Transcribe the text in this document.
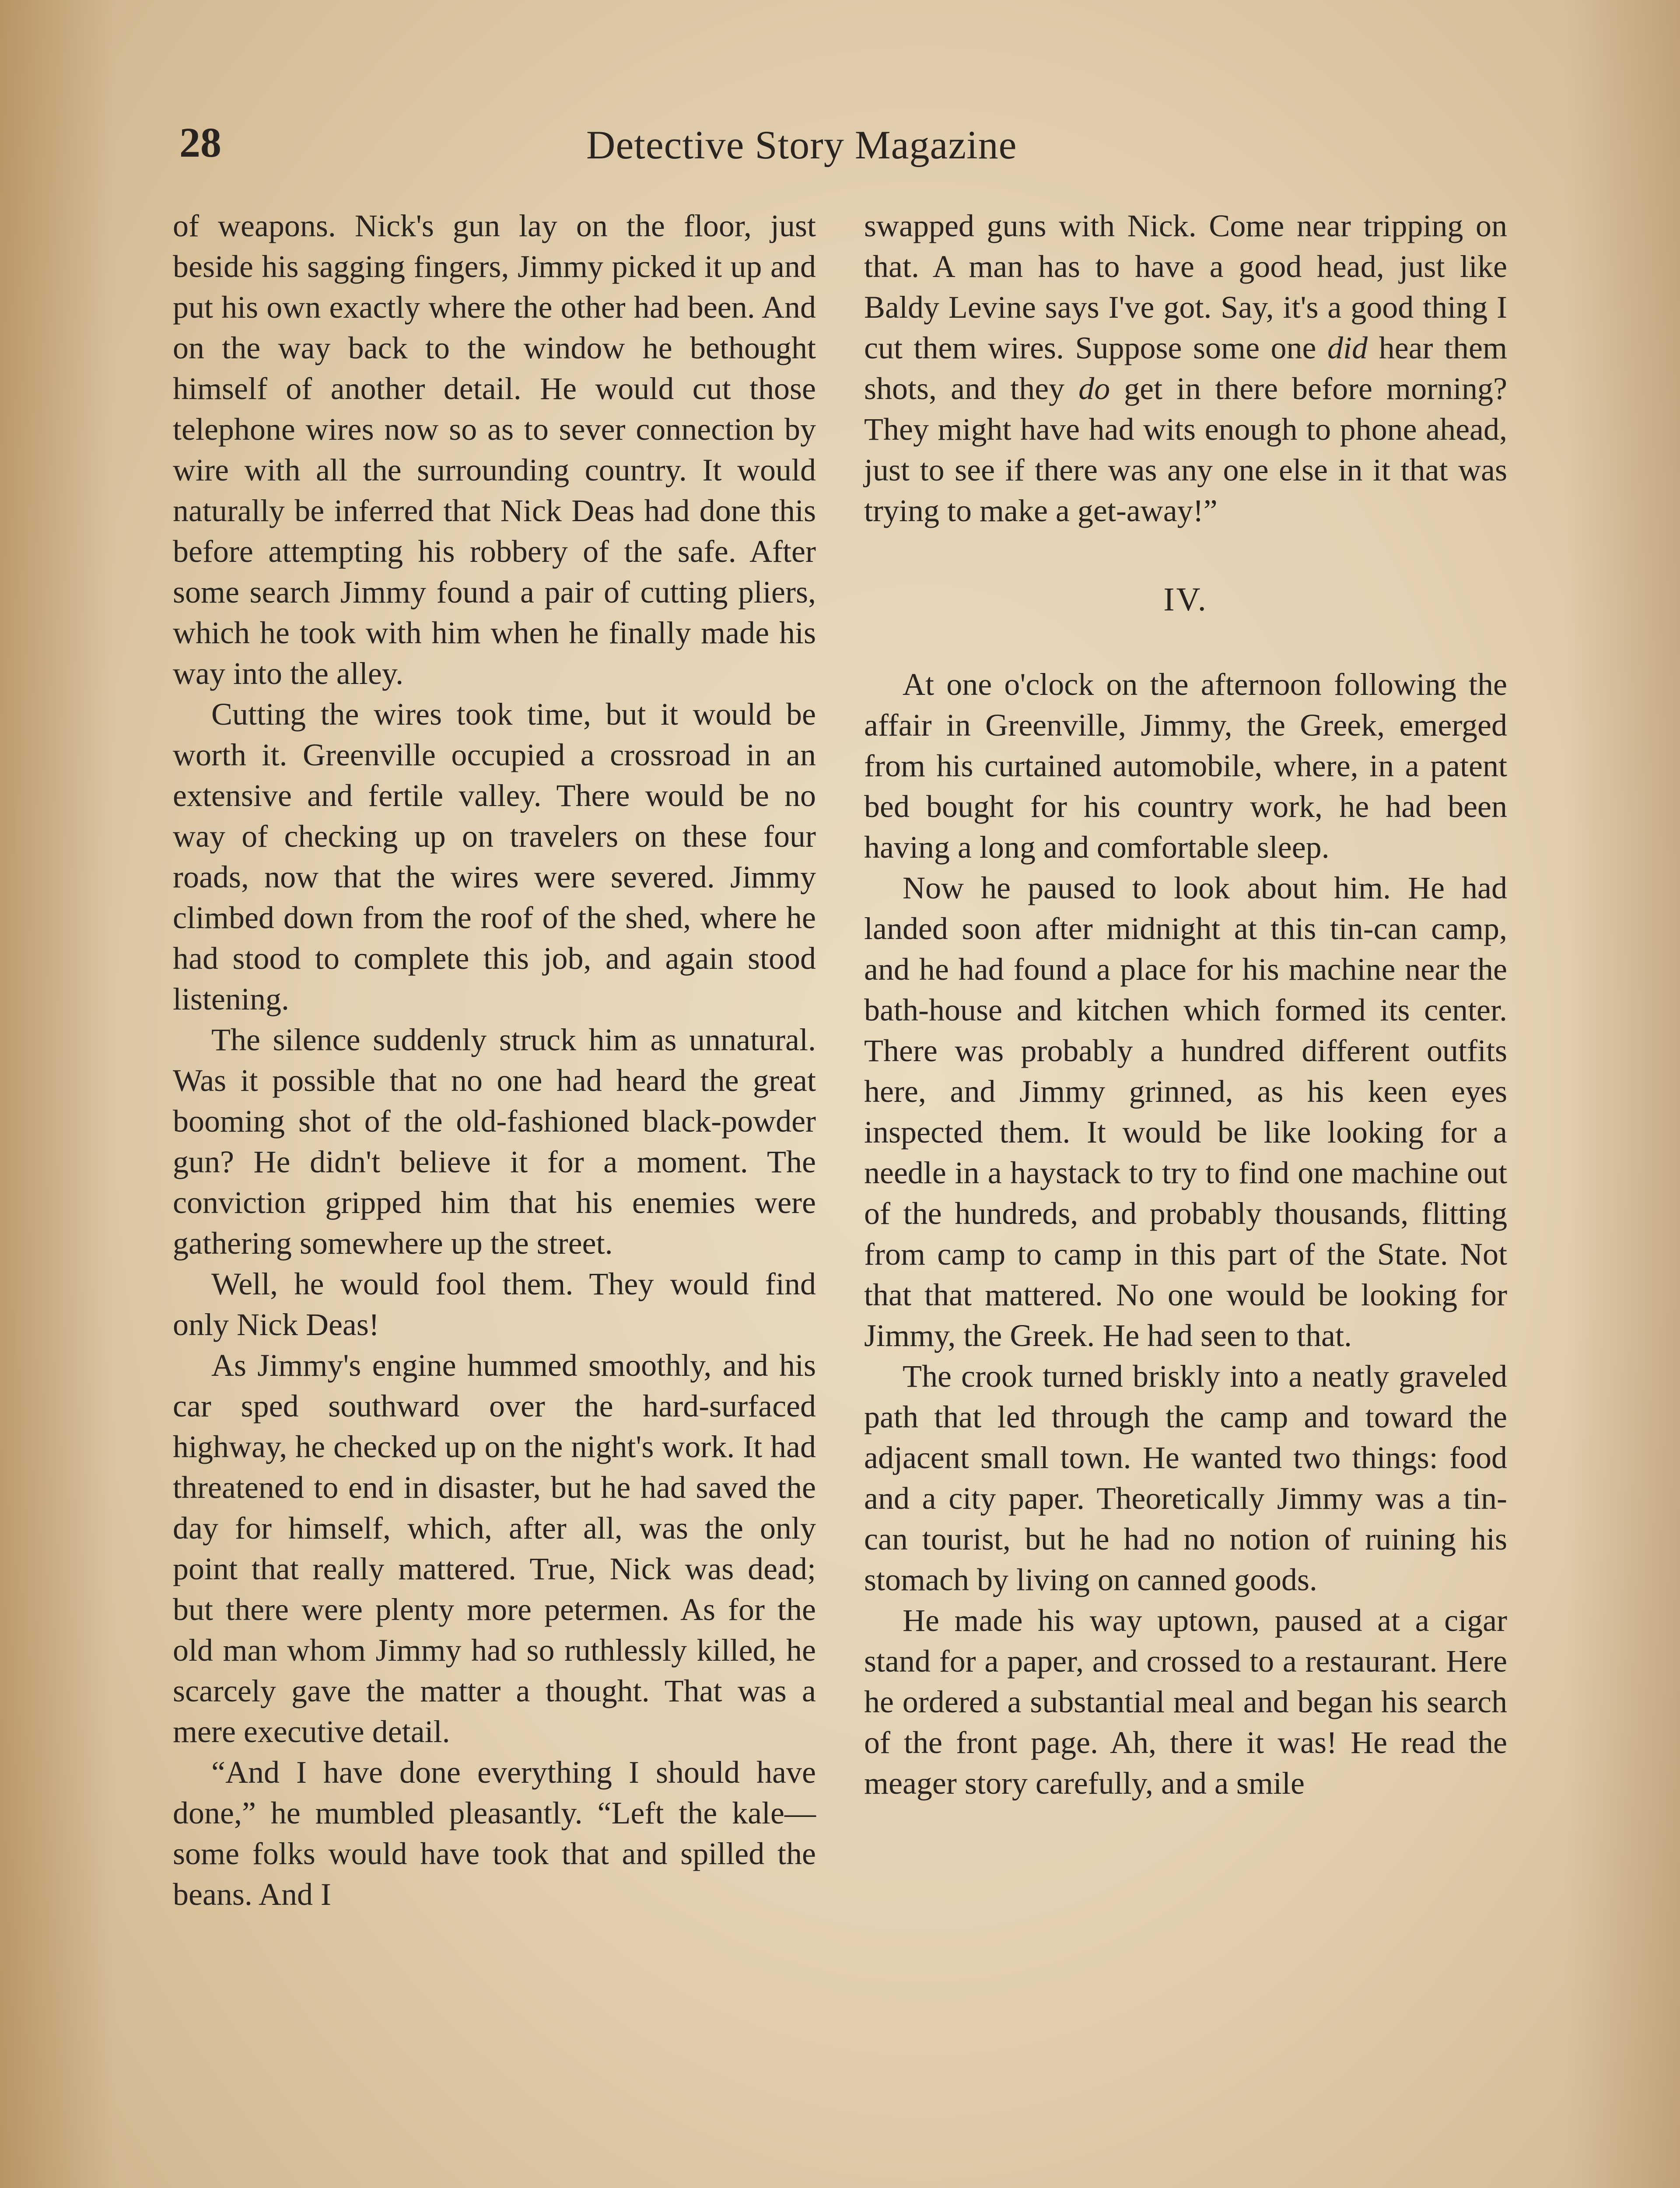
28	Detective Story Magazine

of weapons. Nick's gun lay on the floor, just beside his sagging fingers, Jimmy picked it up and put his own exactly where the other had been. And on the way back to the window he bethought himself of another detail. He would cut those telephone wires now so as to sever connection by wire with all the surrounding country. It would naturally be inferred that Nick Deas had done this before attempting his robbery of the safe. After some search Jimmy found a pair of cutting pliers, which he took with him when he finally made his way into the alley.

Cutting the wires took time, but it would be worth it. Greenville occupied a crossroad in an extensive and fertile valley. There would be no way of checking up on travelers on these four roads, now that the wires were severed. Jimmy climbed down from the roof of the shed, where he had stood to complete this job, and again stood listening.

The silence suddenly struck him as unnatural. Was it possible that no one had heard the great booming shot of the old-fashioned black-powder gun? He didn't believe it for a moment. The conviction gripped him that his enemies were gathering somewhere up the street.

Well, he would fool them. They would find only Nick Deas!

As Jimmy's engine hummed smoothly, and his car sped southward over the hard-surfaced highway, he checked up on the night's work. It had threatened to end in disaster, but he had saved the day for himself, which, after all, was the only point that really mattered. True, Nick was dead; but there were plenty more petermen. As for the old man whom Jimmy had so ruthlessly killed, he scarcely gave the matter a thought. That was a mere executive detail.

“And I have done everything I should have done,” he mumbled pleasantly. “Left the kale—some folks would have took that and spilled the beans. And I

swapped guns with Nick. Come near tripping on that. A man has to have a good head, just like Baldy Levine says I've got. Say, it's a good thing I cut them wires. Suppose some one did hear them shots, and they do get in there before morning? They might have had wits enough to phone ahead, just to see if there was any one else in it that was trying to make a get-away!”

IV.

At one o'clock on the afternoon following the affair in Greenville, Jimmy, the Greek, emerged from his curtained automobile, where, in a patent bed bought for his country work, he had been having a long and comfortable sleep.

Now he paused to look about him. He had landed soon after midnight at this tin-can camp, and he had found a place for his machine near the bath-house and kitchen which formed its center. There was probably a hundred different outfits here, and Jimmy grinned, as his keen eyes inspected them. It would be like looking for a needle in a haystack to try to find one machine out of the hundreds, and probably thousands, flitting from camp to camp in this part of the State. Not that that mattered. No one would be looking for Jimmy, the Greek. He had seen to that.

The crook turned briskly into a neatly graveled path that led through the camp and toward the adjacent small town. He wanted two things: food and a city paper. Theoretically Jimmy was a tin-can tourist, but he had no notion of ruining his stomach by living on canned goods.

He made his way uptown, paused at a cigar stand for a paper, and crossed to a restaurant. Here he ordered a substantial meal and began his search of the front page. Ah, there it was! He read the meager story carefully, and a smile
